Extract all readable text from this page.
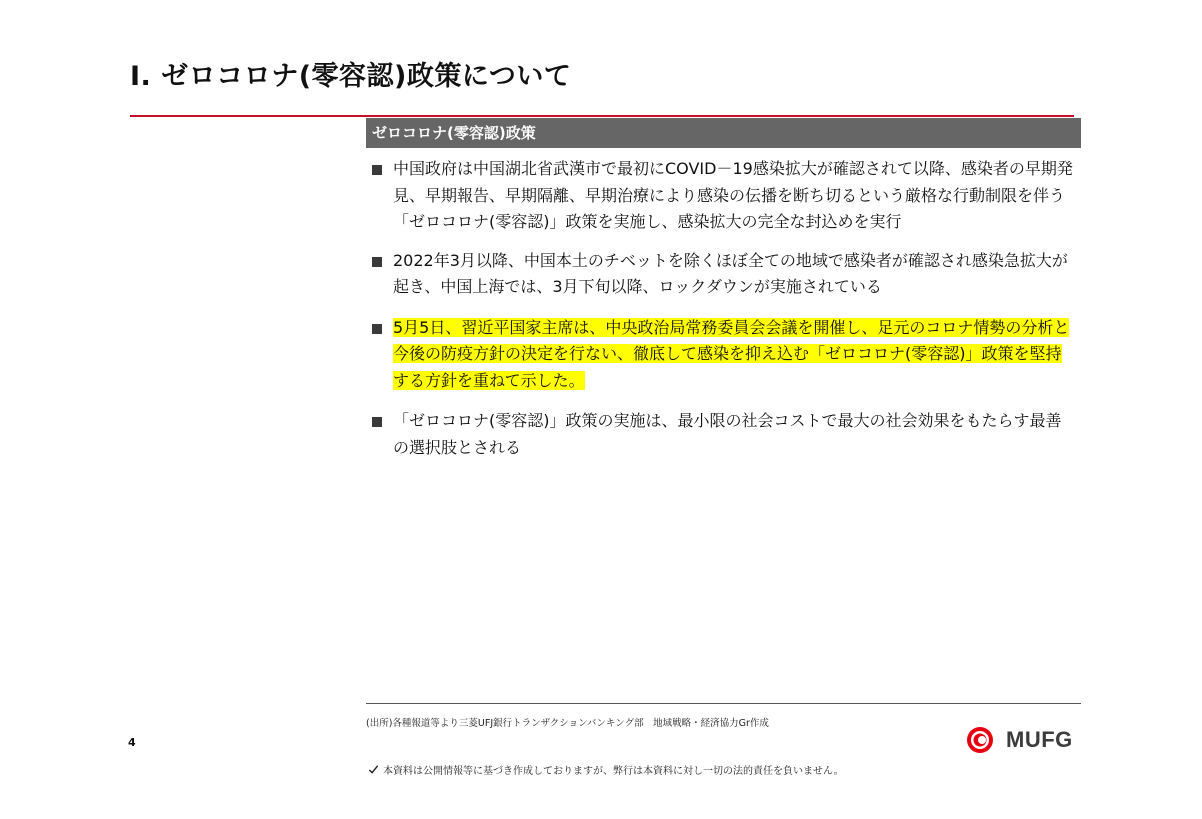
Ⅰ. ゼロコロナ(零容認)政策について
ゼロコロナ(零容認)政策
中国政府は中国湖北省武漢市で最初にCOVID－19感染拡大が確認されて以降、感染者の早期発見、早期報告、早期隔離、早期治療により感染の伝播を断ち切るという厳格な行動制限を伴う「ゼロコロナ(零容認)」政策を実施し、感染拡大の完全な封込めを実行
2022年3月以降、中国本土のチベットを除くほぼ全ての地域で感染者が確認され感染急拡大が起き、中国上海では、3月下旬以降、ロックダウンが実施されている
5月5日、習近平国家主席は、中央政治局常務委員会会議を開催し、足元のコロナ情勢の分析と今後の防疫方針の決定を行ない、徹底して感染を抑え込む「ゼロコロナ(零容認)」政策を堅持する方針を重ねて示した。
「ゼロコロナ(零容認)」政策の実施は、最小限の社会コストで最大の社会効果をもたらす最善の選択肢とされる
(出所)各種報道等より三菱UFJ銀行トランザクションバンキング部　地域戦略・経済協力Gr作成
4	MUFG
本資料は公開情報等に基づき作成しておりますが、弊行は本資料に対し一切の法的責任を負いません。
